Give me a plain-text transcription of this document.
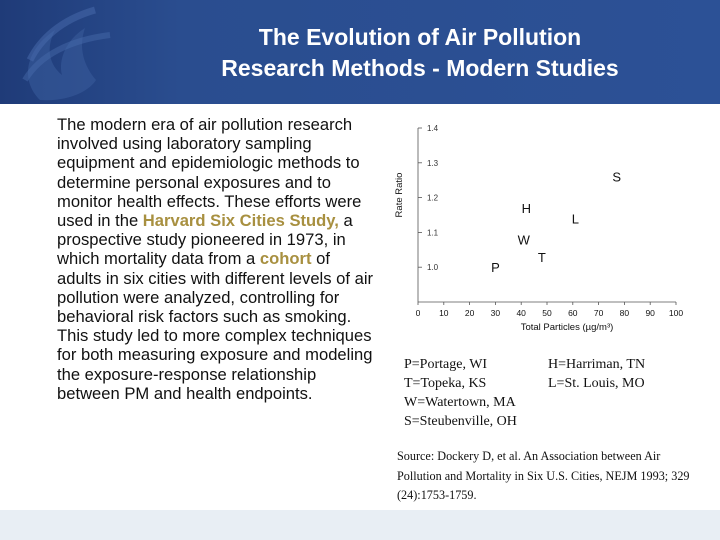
The Evolution of Air Pollution
Research Methods - Modern Studies
The modern era of air pollution research involved using laboratory sampling equipment and epidemiologic methods to determine personal exposures and to monitor health effects. These efforts were used in the Harvard Six Cities Study, a prospective study pioneered in 1973, in which mortality data from a cohort of adults in six cities with different levels of air pollution were analyzed, controlling for behavioral risk factors such as smoking. This study led to more complex techniques for both measuring exposure and modeling the exposure-response relationship between PM and health endpoints.
1.0
1.1
1.2
1.3
1.4
0 10 20 30 40 50 60 70 80 90 100
Total Particles (µg/m³)
Rate Ratio
P
T
W
H
L
S
P=Portage, WI	H=Harriman, TN
T=Topeka, KS	L=St. Louis, MO
W=Watertown, MA
S=Steubenville, OH
Source: Dockery D, et al. An Association between Air Pollution and Mortality in Six U.S. Cities, NEJM 1993; 329 (24):1753-1759.
